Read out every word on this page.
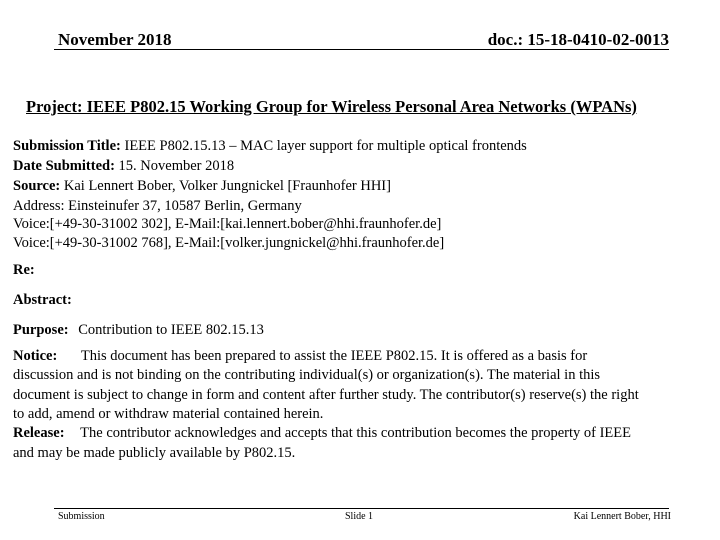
November 2018	doc.: 15-18-0410-02-0013
Project: IEEE P802.15 Working Group for Wireless Personal Area Networks (WPANs)
Submission Title: IEEE P802.15.13 – MAC layer support for multiple optical frontends
Date Submitted: 15. November 2018
Source: Kai Lennert Bober, Volker Jungnickel [Fraunhofer HHI]
Address: Einsteinufer 37, 10587 Berlin, Germany
Voice:[+49-30-31002 302], E-Mail:[kai.lennert.bober@hhi.fraunhofer.de]
Voice:[+49-30-31002 768], E-Mail:[volker.jungnickel@hhi.fraunhofer.de]
Re:
Abstract:
Purpose: Contribution to IEEE 802.15.13
Notice: This document has been prepared to assist the IEEE P802.15. It is offered as a basis for
discussion and is not binding on the contributing individual(s) or organization(s). The material in this
document is subject to change in form and content after further study. The contributor(s) reserve(s) the right
to add, amend or withdraw material contained herein.
Release: The contributor acknowledges and accepts that this contribution becomes the property of IEEE
and may be made publicly available by P802.15.
Submission	Slide 1	Kai Lennert Bober, HHI
